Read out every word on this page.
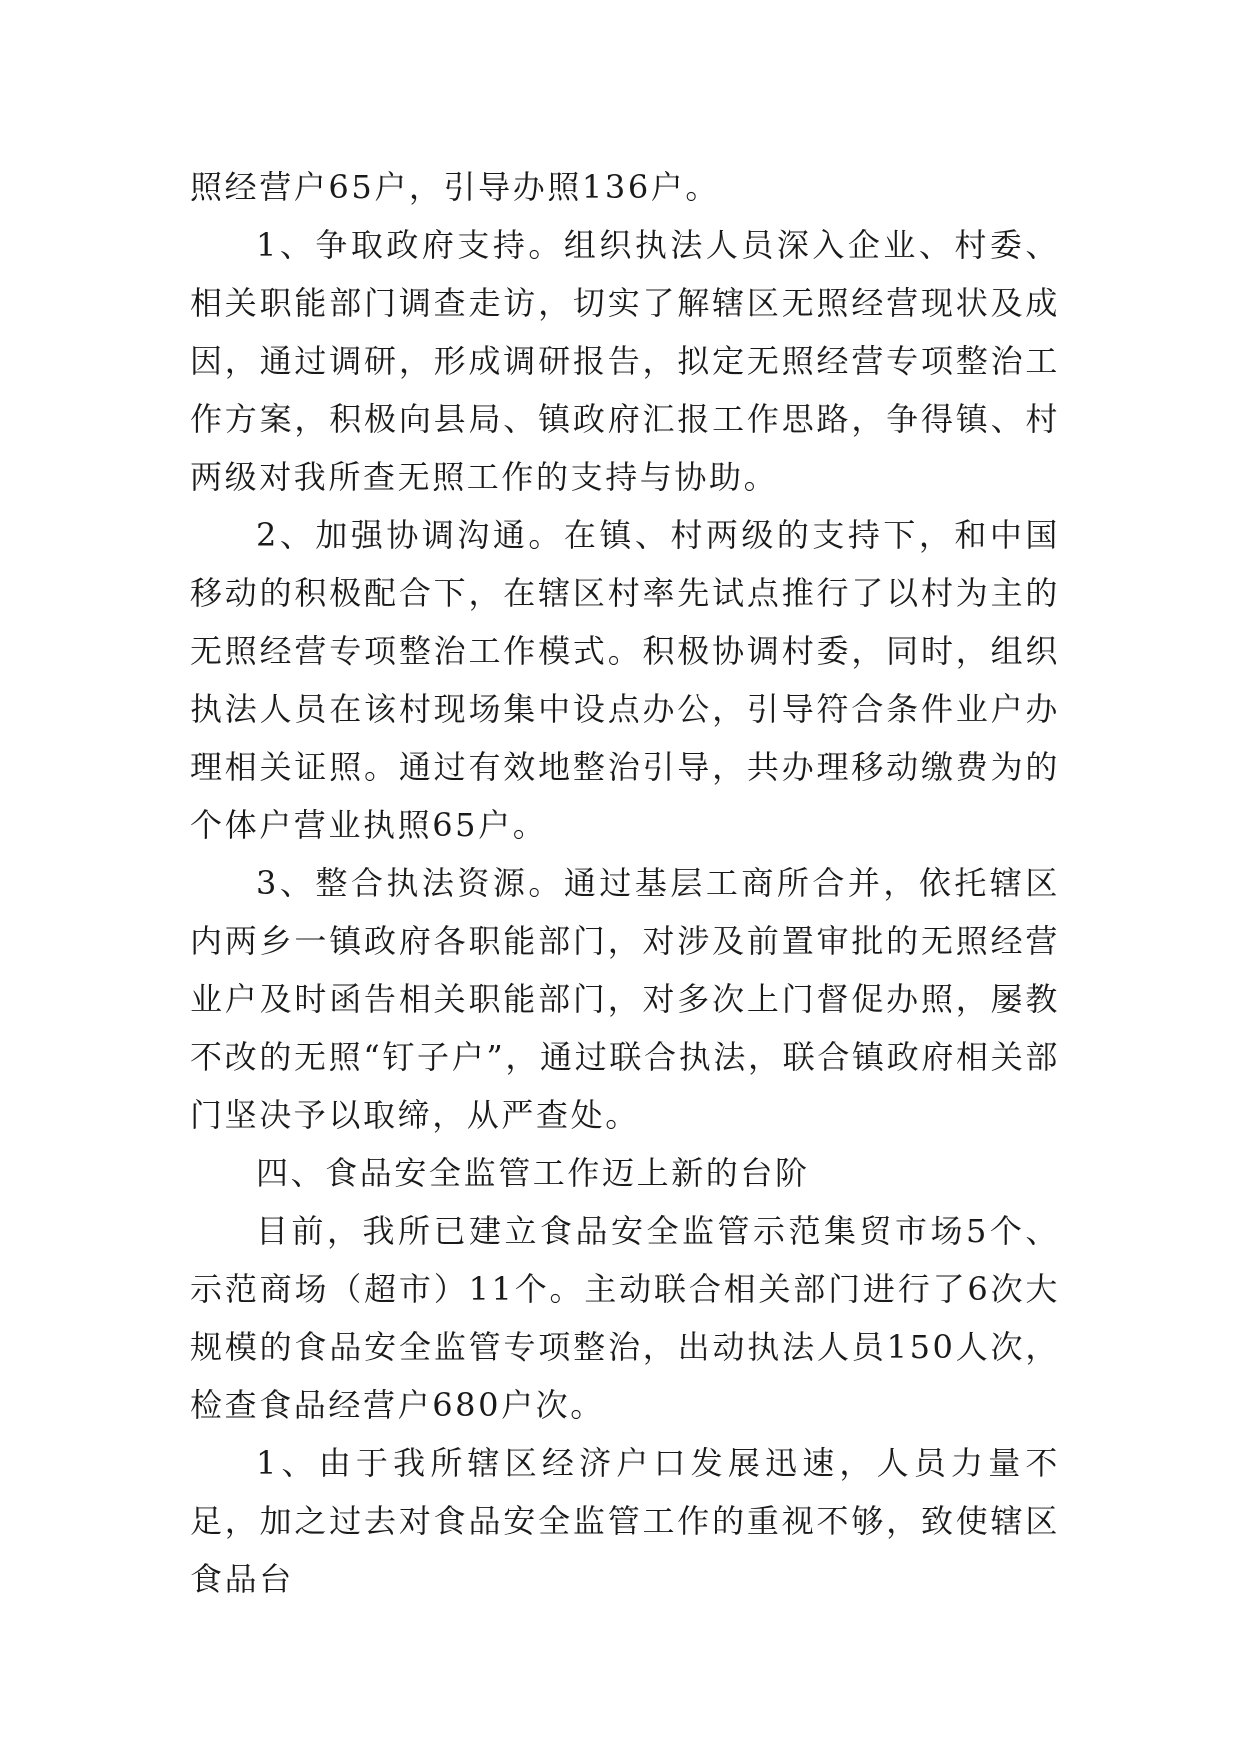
照经营户65户，引导办照136户。

1、争取政府支持。组织执法人员深入企业、村委、相关职能部门调查走访，切实了解辖区无照经营现状及成因，通过调研，形成调研报告，拟定无照经营专项整治工作方案，积极向县局、镇政府汇报工作思路，争得镇、村两级对我所查无照工作的支持与协助。

2、加强协调沟通。在镇、村两级的支持下，和中国移动的积极配合下，在辖区村率先试点推行了以村为主的无照经营专项整治工作模式。积极协调村委，同时，组织执法人员在该村现场集中设点办公，引导符合条件业户办理相关证照。通过有效地整治引导，共办理移动缴费为的个体户营业执照65户。

3、整合执法资源。通过基层工商所合并，依托辖区内两乡一镇政府各职能部门，对涉及前置审批的无照经营业户及时函告相关职能部门，对多次上门督促办照，屡教不改的无照“钉子户”，通过联合执法，联合镇政府相关部门坚决予以取缔，从严查处。

四、食品安全监管工作迈上新的台阶

目前，我所已建立食品安全监管示范集贸市场5个、示范商场（超市）11个。主动联合相关部门进行了6次大规模的食品安全监管专项整治，出动执法人员150人次，检查食品经营户680户次。

1、由于我所辖区经济户口发展迅速，人员力量不足，加之过去对食品安全监管工作的重视不够，致使辖区食品台
